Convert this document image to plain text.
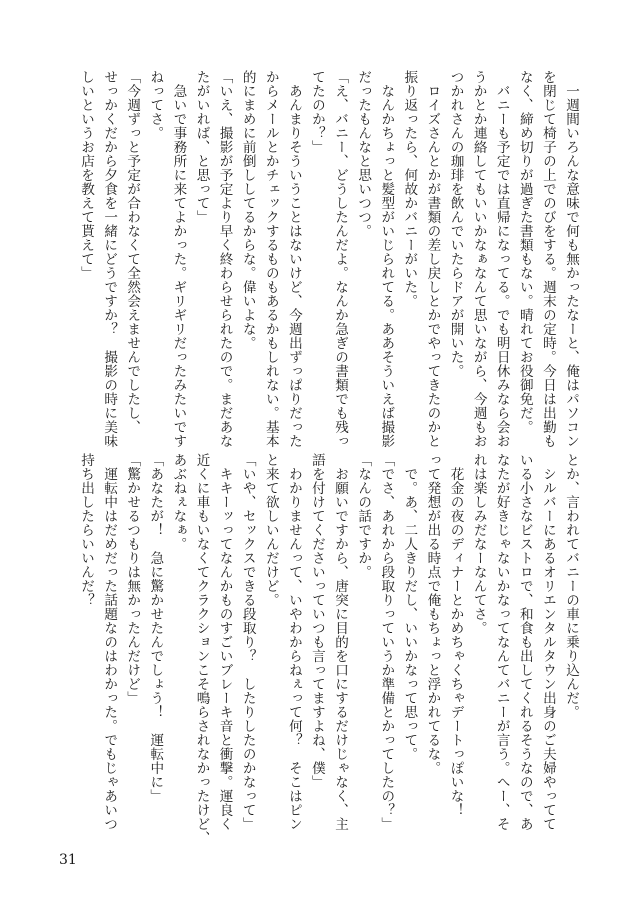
　一週間いろんな意味で何も無かったなーと、俺はパソコン
を閉じて椅子の上でのびをする。週末の定時。今日は出勤も
なく、締め切りが過ぎた書類もない。晴れてお役御免だ。
　バニーも予定では直帰になってる。でも明日休みなら会お
うかとか連絡してもいいかなぁなんて思いながら、今週もお
つかれさんの珈琲を飲んでいたらドアが開いた。
　ロイズさんとかが書類の差し戻しとかでやってきたのかと
振り返ったら、何故かバニーがいた。
　なんかちょっと髪型がいじられてる。ああそういえば撮影
だったもんなと思いつつ。
「え、バニー、どうしたんだよ。なんか急ぎの書類でも残っ
てたのか？」
　あんまりそういうことはないけど、今週出ずっぱりだった
からメールとかチェックするものもあるかもしれない。基本
的にまめに前倒ししてるからな。偉いよな。
「いえ、撮影が予定より早く終わらせられたので。まだあな
たがいれば、と思って」
　急いで事務所に来てよかった。ギリギリだったみたいです
ねってさ。
「今週ずっと予定が合わなくて全然会えませんでしたし、
せっかくだから夕食を一緒にどうですか？　撮影の時に美味
しいというお店を教えて貰えて」
とか、言われてバニーの車に乗り込んだ。
　シルバーにあるオリエンタルタウン出身のご夫婦やってて
いる小さなビストロで、和食も出してくれるそうなので、あ
なたが好きじゃないかなってなんてバニーが言う。へー、そ
れは楽しみだなーなんてさ。
　花金の夜のディナーとかめちゃくちゃデートっぽいな！
って発想が出る時点で俺もちょっと浮かれてるな。
　で。あ、二人きりだし、いいかなって思って。
「でさ、あれから段取りっていうか準備とかってしたの？」
「なんの話ですか。
　お願いですから、唐突に目的を口にするだけじゃなく、主
語を付けてくださいっていつも言ってますよね、僕」
　わかりませんって、いやわからねぇって何？　そこはピン
と来て欲しいんだけど。
「いや、セックスできる段取り？　したりしたのかなって」
　キキーッってなんかものすごいブレーキ音と衝撃。運良く
近くに車もいなくてクラクションこそ鳴らされなかったけど、
あぶねぇなぁ。
「あなたが！　急に驚かせたんでしょう！　運転中に」
「驚かせるつもりは無かったんだけど」
　運転中はだめだった話題なのはわかった。でもじゃあいつ
持ち出したらいいんだ？
31
